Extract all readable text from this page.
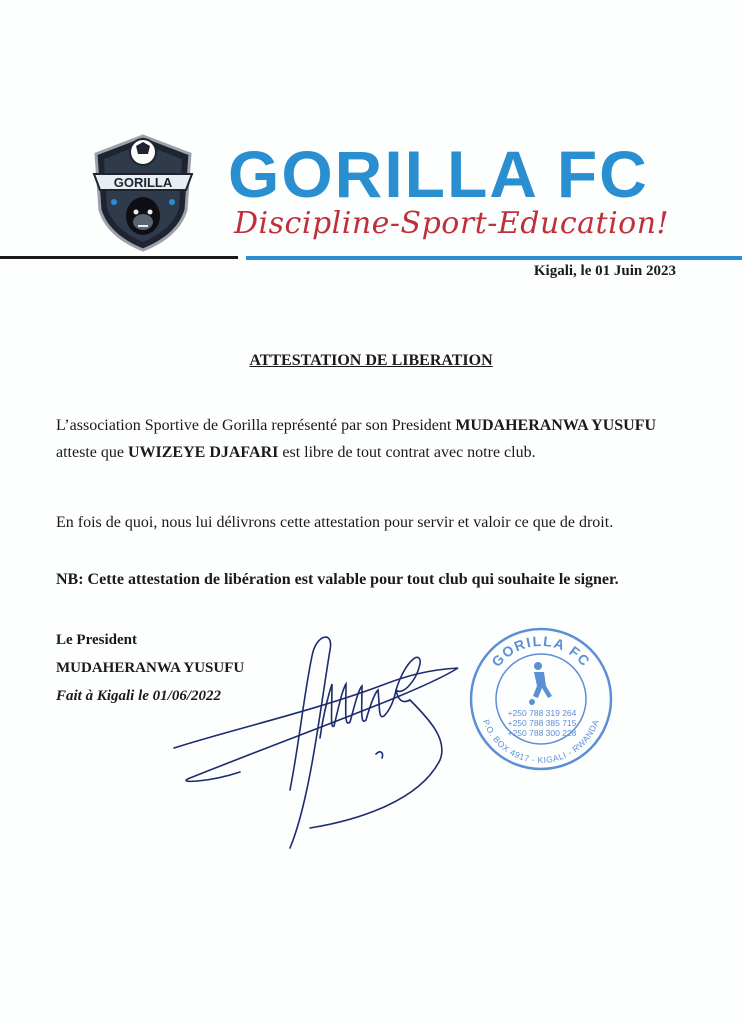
GORILLA GORILLA FC
Discipline-Sport-Education!
Kigali, le 01 Juin 2023
ATTESTATION DE LIBERATION
L’association Sportive de Gorilla représenté par son President MUDAHERANWA YUSUFU
atteste que UWIZEYE DJAFARI est libre de tout contrat avec notre club.
En fois de quoi, nous lui délivrons cette attestation pour servir et valoir ce que de droit.
NB: Cette attestation de libération est valable pour tout club qui souhaite le signer.
Le President
MUDAHERANWA YUSUFU
Fait à Kigali le 01/06/2022
GORILLA FC
P.O. BOX 4917 - KIGALI - RWANDA
+250 788 319 264
+250 788 385 715
+250 788 300 228
